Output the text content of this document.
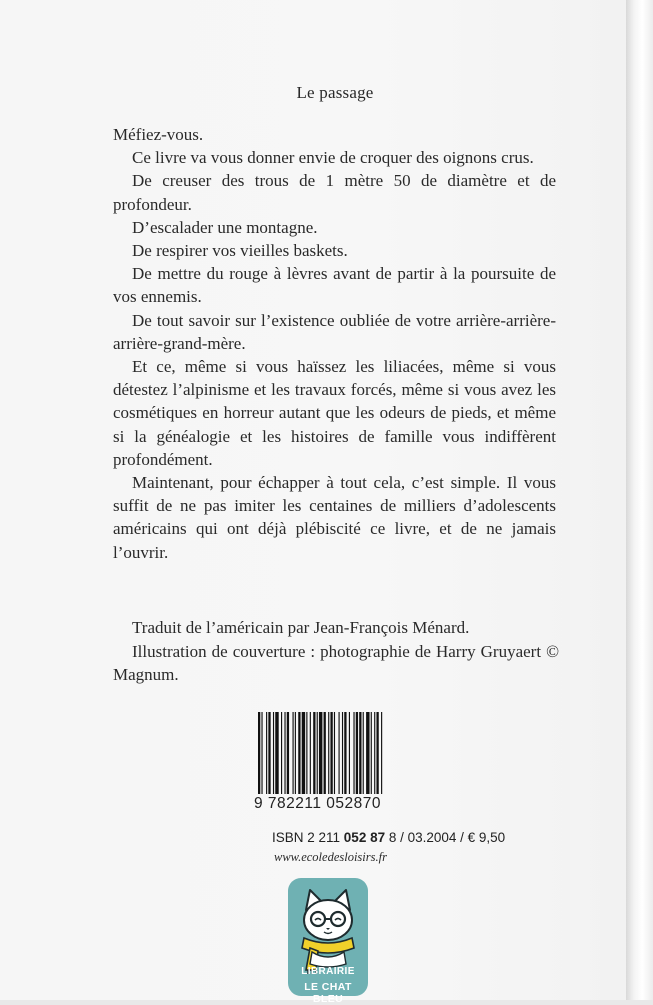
Le passage

Méfiez-vous.

Ce livre va vous donner envie de croquer des oignons crus.

De creuser des trous de 1 mètre 50 de diamètre et de profondeur.

D’escalader une montagne.

De respirer vos vieilles baskets.

De mettre du rouge à lèvres avant de partir à la poursuite de vos ennemis.

De tout savoir sur l’existence oubliée de votre arrière-arrière-arrière-grand-mère.

Et ce, même si vous haïssez les liliacées, même si vous détestez l’alpinisme et les travaux forcés, même si vous avez les cosmétiques en horreur autant que les odeurs de pieds, et même si la généalogie et les histoires de famille vous indiffèrent profondément.

Maintenant, pour échapper à tout cela, c’est simple. Il vous suffit de ne pas imiter les centaines de milliers d’adolescents américains qui ont déjà plébiscité ce livre, et de ne jamais l’ouvrir.

Traduit de l’américain par Jean-François Ménard.

Illustration de couverture : photographie de Harry Gruyaert © Magnum.

9 782211 052870
ISBN 2 211 052 87 8 / 03.2004 / € 9,50
www.ecoledesloisirs.fr
LIBRAIRIE
LE CHAT BLEU
